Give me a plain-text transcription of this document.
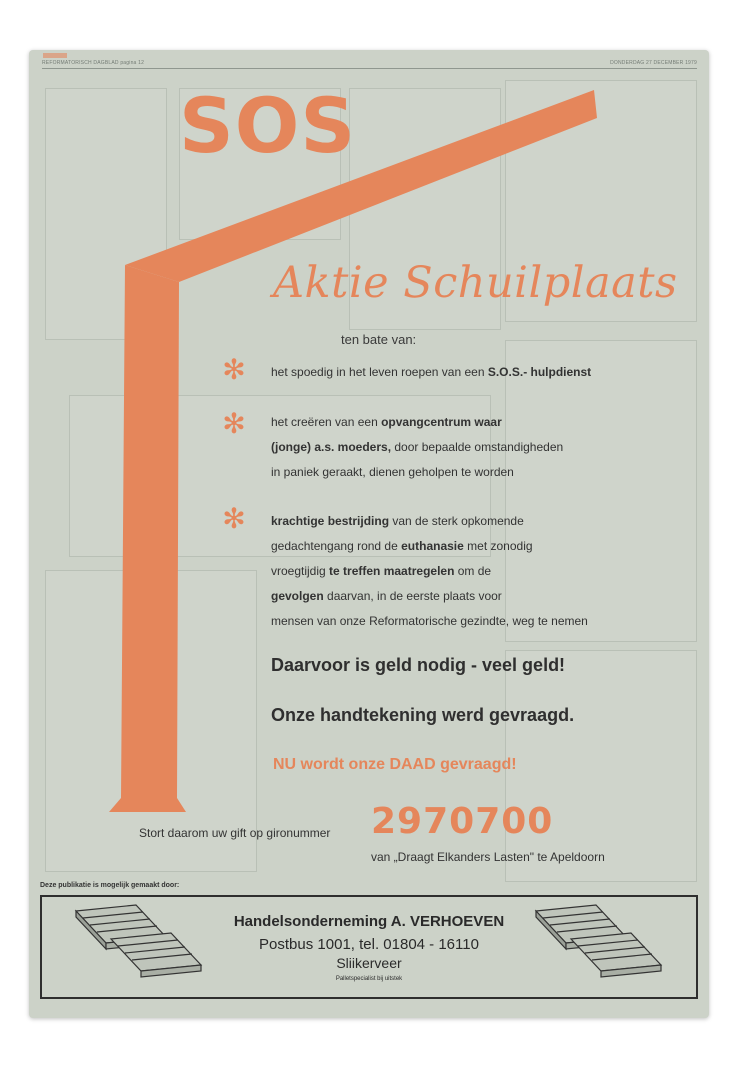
REFORMATORISCH DAGBLAD pagina 12	DONDERDAG 27 DECEMBER 1979
SOS
Aktie Schuilplaats
ten bate van:
✻
✻
✻
het spoedig in het leven roepen van een S.O.S.- hulpdienst
het creëren van een opvangcentrum waar
(jonge) a.s. moeders, door bepaalde omstandigheden
in paniek geraakt, dienen geholpen te worden
krachtige bestrijding van de sterk opkomende
gedachtengang rond de euthanasie met zonodig
vroegtijdig te treffen maatregelen om de
gevolgen daarvan, in de eerste plaats voor
mensen van onze Reformatorische gezindte, weg te nemen
Daarvoor is geld nodig - veel geld!
Onze handtekening werd gevraagd.
NU wordt onze DAAD gevraagd!
Stort daarom uw gift op gironummer 2970700
van „Draagt Elkanders Lasten" te Apeldoorn
Deze publikatie is mogelijk gemaakt door:
Handelsonderneming A. VERHOEVEN
Postbus 1001, tel. 01804 - 16110
Sliikerveer
Palletspecialist bij uitstek
